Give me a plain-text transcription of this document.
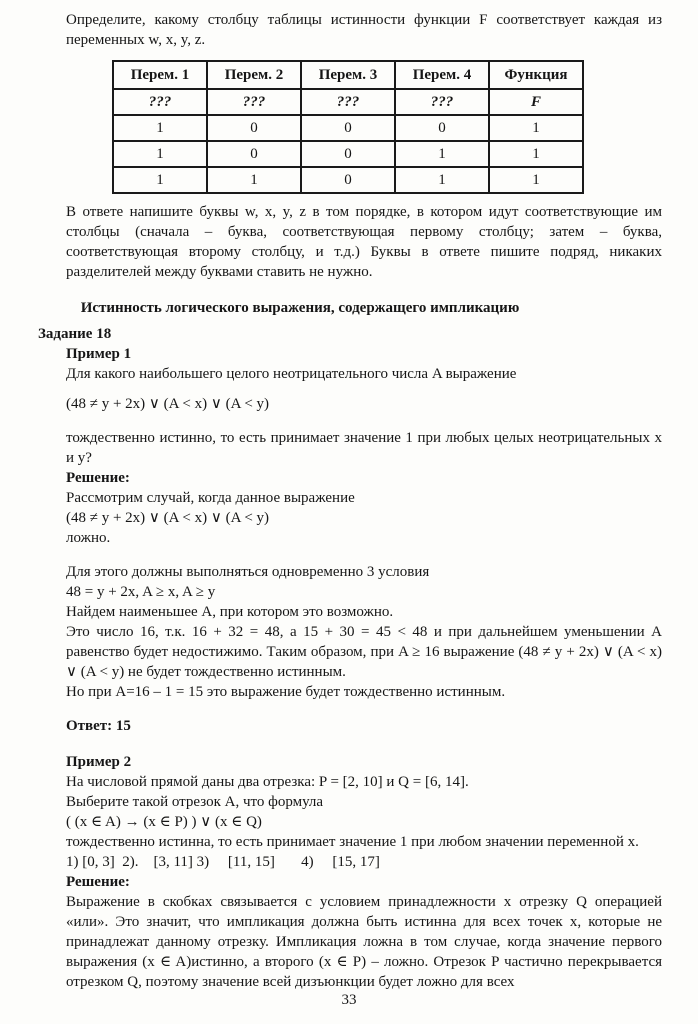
Определите, какому столбцу таблицы истинности функции F соответствует каждая из переменных w, x, y, z.

Перем. 1	Перем. 2	Перем. 3	Перем. 4	Функция
???	???	???	???	F
1	0	0	0	1
1	0	0	1	1
1	1	0	1	1

В ответе напишите буквы w, x, y, z в том порядке, в котором идут соответствующие им столбцы (сначала – буква, соответствующая первому столбцу; затем – буква, соответствующая второму столбцу, и т.д.) Буквы в ответе пишите подряд, никаких разделителей между буквами ставить не нужно.

Истинность логического выражения, содержащего импликацию
Задание 18
Пример 1

Для какого наибольшего целого неотрицательного числа A выражение

(48 ≠ y + 2x) ∨ (A < x) ∨ (A < y)

тождественно истинно, то есть принимает значение 1 при любых целых неотрицательных x и y?

Решение:

Рассмотрим случай, когда данное выражение

(48 ≠ y + 2x) ∨ (A < x) ∨ (A < y)

ложно.

Для этого должны выполняться одновременно 3 условия

48 = y + 2x, A ≥ x, A ≥ y

Найдем наименьшее A, при котором это возможно.

Это число 16, т.к. 16 + 32 = 48, а 15 + 30 = 45 < 48 и при дальнейшем уменьшении А равенство будет недостижимо. Таким образом, при A ≥ 16 выражение (48 ≠ y + 2x) ∨ (A < x) ∨ (A < y) не будет тождественно истинным.

Но при A=16 – 1 = 15 это выражение будет тождественно истинным.

Ответ: 15
Пример 2

На числовой прямой даны два отрезка: P = [2, 10] и Q = [6, 14].

Выберите такой отрезок A, что формула

( (x ∈ A) → (x ∈ P) ) ∨ (x ∈ Q)

тождественно истинна, то есть принимает значение 1 при любом значении переменной x.

1) [0, 3]  2).    [3, 11] 3)     [11, 15]       4)     [15, 17]

Решение:

Выражение в скобках связывается с условием принадлежности x отрезку Q операцией «или». Это значит, что импликация должна быть истинна для всех точек x, которые не принадлежат данному отрезку. Импликация ложна в том случае, когда значение первого выражения (x ∈ A)истинно, а второго (x ∈ P) – ложно. Отрезок P частично перекрывается отрезком Q, поэтому значение всей дизъюнкции будет ложно для всех

33
